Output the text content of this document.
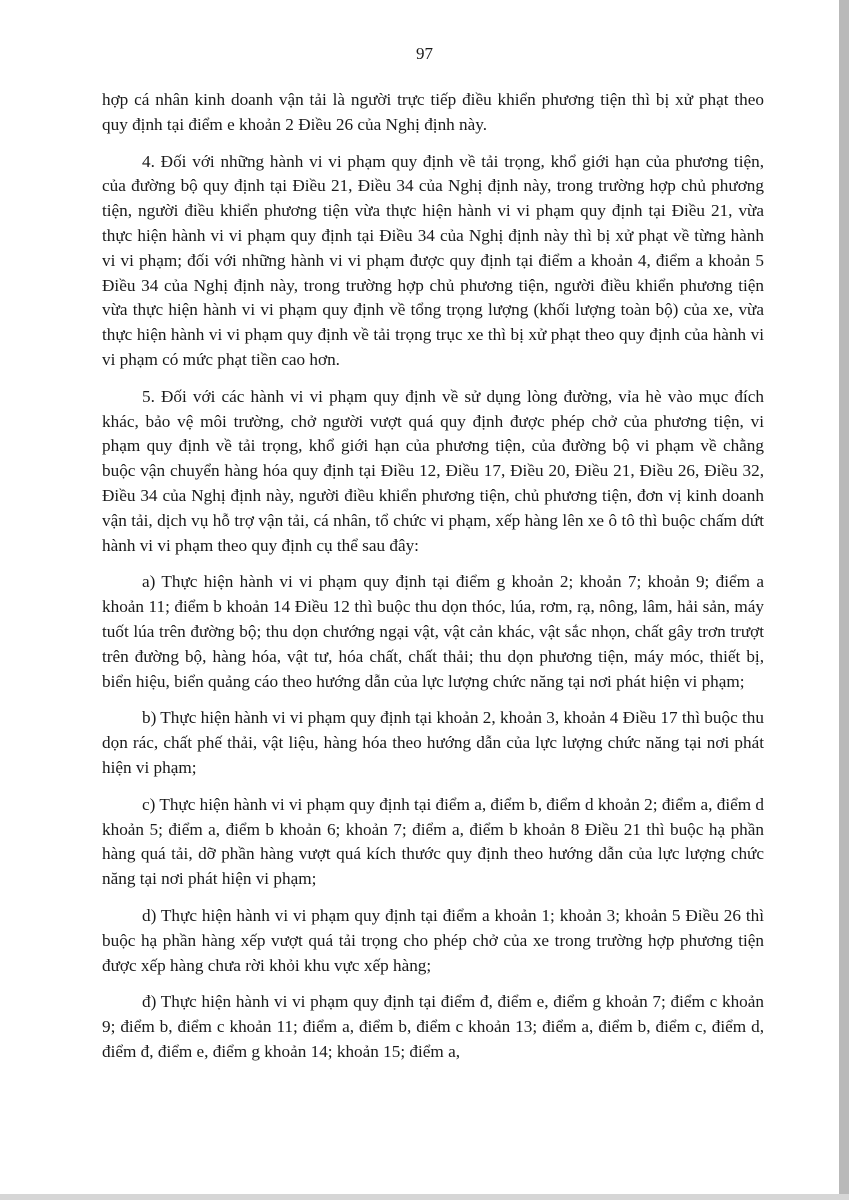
97

hợp cá nhân kinh doanh vận tải là người trực tiếp điều khiển phương tiện thì bị xử phạt theo quy định tại điểm e khoản 2 Điều 26 của Nghị định này.

4. Đối với những hành vi vi phạm quy định về tải trọng, khổ giới hạn của phương tiện, của đường bộ quy định tại Điều 21, Điều 34 của Nghị định này, trong trường hợp chủ phương tiện, người điều khiển phương tiện vừa thực hiện hành vi vi phạm quy định tại Điều 21, vừa thực hiện hành vi vi phạm quy định tại Điều 34 của Nghị định này thì bị xử phạt về từng hành vi vi phạm; đối với những hành vi vi phạm được quy định tại điểm a khoản 4, điểm a khoản 5 Điều 34 của Nghị định này, trong trường hợp chủ phương tiện, người điều khiển phương tiện vừa thực hiện hành vi vi phạm quy định về tổng trọng lượng (khối lượng toàn bộ) của xe, vừa thực hiện hành vi vi phạm quy định về tải trọng trục xe thì bị xử phạt theo quy định của hành vi vi phạm có mức phạt tiền cao hơn.

5. Đối với các hành vi vi phạm quy định về sử dụng lòng đường, vỉa hè vào mục đích khác, bảo vệ môi trường, chở người vượt quá quy định được phép chở của phương tiện, vi phạm quy định về tải trọng, khổ giới hạn của phương tiện, của đường bộ vi phạm về chằng buộc vận chuyển hàng hóa quy định tại Điều 12, Điều 17, Điều 20, Điều 21, Điều 26, Điều 32, Điều 34 của Nghị định này, người điều khiển phương tiện, chủ phương tiện, đơn vị kinh doanh vận tải, dịch vụ hỗ trợ vận tải, cá nhân, tổ chức vi phạm, xếp hàng lên xe ô tô thì buộc chấm dứt hành vi vi phạm theo quy định cụ thể sau đây:

a) Thực hiện hành vi vi phạm quy định tại điểm g khoản 2; khoản 7; khoản 9; điểm a khoản 11; điểm b khoản 14 Điều 12 thì buộc thu dọn thóc, lúa, rơm, rạ, nông, lâm, hải sản, máy tuốt lúa trên đường bộ; thu dọn chướng ngại vật, vật cản khác, vật sắc nhọn, chất gây trơn trượt trên đường bộ, hàng hóa, vật tư, hóa chất, chất thải; thu dọn phương tiện, máy móc, thiết bị, biển hiệu, biển quảng cáo theo hướng dẫn của lực lượng chức năng tại nơi phát hiện vi phạm;

b) Thực hiện hành vi vi phạm quy định tại khoản 2, khoản 3, khoản 4 Điều 17 thì buộc thu dọn rác, chất phế thải, vật liệu, hàng hóa theo hướng dẫn của lực lượng chức năng tại nơi phát hiện vi phạm;

c) Thực hiện hành vi vi phạm quy định tại điểm a, điểm b, điểm d khoản 2; điểm a, điểm d khoản 5; điểm a, điểm b khoản 6; khoản 7; điểm a, điểm b khoản 8 Điều 21 thì buộc hạ phần hàng quá tải, dỡ phần hàng vượt quá kích thước quy định theo hướng dẫn của lực lượng chức năng tại nơi phát hiện vi phạm;

d) Thực hiện hành vi vi phạm quy định tại điểm a khoản 1; khoản 3; khoản 5 Điều 26 thì buộc hạ phần hàng xếp vượt quá tải trọng cho phép chở của xe trong trường hợp phương tiện được xếp hàng chưa rời khỏi khu vực xếp hàng;

đ) Thực hiện hành vi vi phạm quy định tại điểm đ, điểm e, điểm g khoản 7; điểm c khoản 9; điểm b, điểm c khoản 11; điểm a, điểm b, điểm c khoản 13; điểm a, điểm b, điểm c, điểm d, điểm đ, điểm e, điểm g khoản 14; khoản 15; điểm a,
